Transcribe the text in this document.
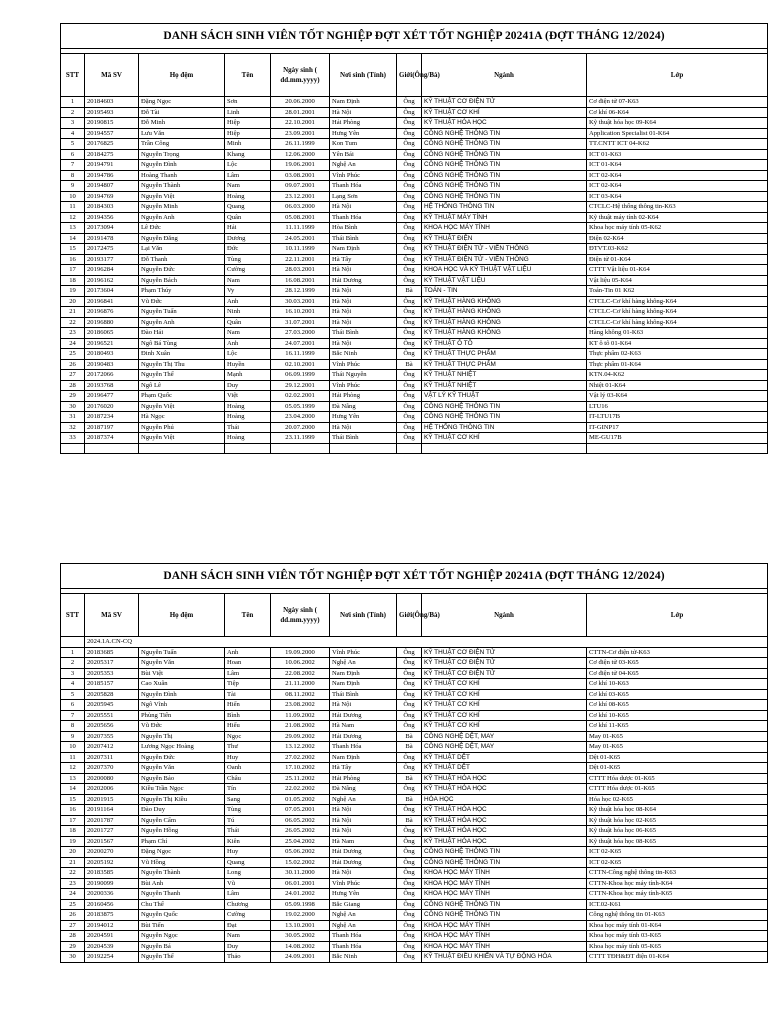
DANH SÁCH SINH VIÊN TỐT NGHIỆP ĐỢT XÉT TỐT NGHIỆP 20241A (ĐỢT THÁNG 12/2024)								

STT	Mã SV	Họ đệm	Tên	Ngày sinh ( dd.mm.yyyy)	Nơi sinh (Tỉnh)	Giới(Ông/Bà)	Ngành	Lớp
1	20184603	Đặng Ngọc	Sơn	20.06.2000	Nam Định	Ông	KỸ THUẬT CƠ ĐIỆN TỬ	Cơ điện tử 07-K63
2	20195493	Đỗ Tài	Linh	28.01.2001	Hà Nội	Ông	KỸ THUẬT CƠ KHÍ	Cơ khí 06-K64
3	20190815	Đỗ Minh	Hiệp	22.10.2001	Hải Phòng	Ông	KỸ THUẬT HÓA HỌC	Kỹ thuật hóa học 09-K64
4	20194557	Lưu Văn	Hiệp	23.09.2001	Hưng Yên	Ông	CÔNG NGHỆ THÔNG TIN	Application Specialist 01-K64
5	20176825	Trần Công	Minh	26.11.1999	Kon Tum	Ông	CÔNG NGHỆ THÔNG TIN	TT.CNTT ICT 04-K62
6	20184275	Nguyễn Trọng	Khang	12.06.2000	Yên Bái	Ông	CÔNG NGHỆ THÔNG TIN	ICT 01-K63
7	20194791	Nguyễn Đình	Lộc	19.06.2001	Nghệ An	Ông	CÔNG NGHỆ THÔNG TIN	ICT 01-K64
8	20194786	Hoàng Thanh	Lâm	03.08.2001	Vĩnh Phúc	Ông	CÔNG NGHỆ THÔNG TIN	ICT 02-K64
9	20194807	Nguyễn Thành	Nam	09.07.2001	Thanh Hóa	Ông	CÔNG NGHỆ THÔNG TIN	ICT 02-K64
10	20194769	Nguyễn Việt	Hoàng	23.12.2001	Lạng Sơn	Ông	CÔNG NGHỆ THÔNG TIN	ICT 03-K64
11	20184303	Nguyễn Minh	Quang	06.03.2000	Hà Nội	Ông	HỆ THỐNG THÔNG TIN	CTCLC-Hệ thống thông tin-K63
12	20194356	Nguyễn Anh	Quân	05.08.2001	Thanh Hóa	Ông	KỸ THUẬT MÁY TÍNH	Kỹ thuật máy tính 02-K64
13	20173094	Lê Đức	Hải	11.11.1999	Hòa Bình	Ông	KHOA HỌC MÁY TÍNH	Khoa học máy tính 05-K62
14	20191478	Nguyễn Đăng	Dương	24.05.2001	Thái Bình	Ông	KỸ THUẬT ĐIỆN	Điện 02-K64
15	20172475	Lại Văn	Đức	10.11.1999	Nam Định	Ông	KỸ THUẬT ĐIỆN TỬ - VIỄN THÔNG	ĐTVT.03-K62
16	20193177	Đỗ Thanh	Tùng	22.11.2001	Hà Tây	Ông	KỸ THUẬT ĐIỆN TỬ - VIỄN THÔNG	Điện tử 01-K64
17	20196284	Nguyễn Đức	Cường	28.03.2001	Hà Nội	Ông	KHOA HỌC VÀ KỸ THUẬT VẬT LIỆU	CTTT Vật liệu 01-K64
18	20196162	Nguyễn Bách	Nam	16.08.2001	Hải Dương	Ông	KỸ THUẬT VẬT LIỆU	Vật liệu 05-K64
19	20173604	Phạm Thúy	Vy	28.12.1999	Hà Nội	Bà	TOÁN - TIN	Toán-Tin 01 K62
20	20196841	Vũ Đức	Anh	30.03.2001	Hà Nội	Ông	KỸ THUẬT HÀNG KHÔNG	CTCLC-Cơ khí hàng không-K64
21	20196876	Nguyễn Tuấn	Ninh	16.10.2001	Hà Nội	Ông	KỸ THUẬT HÀNG KHÔNG	CTCLC-Cơ khí hàng không-K64
22	20196880	Nguyễn Anh	Quân	31.07.2001	Hà Nội	Ông	KỸ THUẬT HÀNG KHÔNG	CTCLC-Cơ khí hàng không-K64
23	20186065	Đào Hải	Nam	27.03.2000	Thái Bình	Ông	KỸ THUẬT HÀNG KHÔNG	Hàng không 01-K63
24	20196521	Ngô Bá Tùng	Anh	24.07.2001	Hà Nội	Ông	KỸ THUẬT Ô TÔ	KT ô tô 01-K64
25	20180493	Đinh Xuân	Lộc	16.11.1999	Bắc Ninh	Ông	KỸ THUẬT THỰC PHẨM	Thực phẩm 02-K63
26	20190483	Nguyễn Thị Thu	Huyền	02.10.2001	Vĩnh Phúc	Bà	KỸ THUẬT THỰC PHẨM	Thực phẩm 01-K64
27	20172066	Nguyễn Thế	Mạnh	06.09.1999	Thái Nguyên	Ông	KỸ THUẬT NHIỆT	KTN.04-K62
28	20193768	Ngô Lê	Duy	29.12.2001	Vĩnh Phúc	Ông	KỸ THUẬT NHIỆT	Nhiệt 01-K64
29	20196477	Phạm Quốc	Việt	02.02.2001	Hải Phòng	Ông	VẬT LÝ KỸ THUẬT	Vật lý 03-K64
30	20176020	Nguyễn Việt	Hoàng	05.05.1999	Đà Nẵng	Ông	CÔNG NGHỆ THÔNG TIN	LTU16
31	20187234	Hà Ngọc	Hoàng	23.04.2000	Hưng Yên	Ông	CÔNG NGHỆ THÔNG TIN	IT-LTU17B
32	20187197	Nguyễn Phú	Thái	20.07.2000	Hà Nội	Ông	HỆ THỐNG THÔNG TIN	IT-GINP17
33	20187374	Nguyễn Việt	Hoàng	23.11.1999	Thái Bình	Ông	KỸ THUẬT CƠ KHÍ	ME-GU17B

DANH SÁCH SINH VIÊN TỐT NGHIỆP ĐỢT XÉT TỐT NGHIỆP 20241A (ĐỢT THÁNG 12/2024)								

STT	Mã SV	Họ đệm	Tên	Ngày sinh ( dd.mm.yyyy)	Nơi sinh (Tỉnh)	Giới(Ông/Bà)	Ngành	Lớp
	2024.1A.CN-CQ							
1	20183685	Nguyễn Tuấn	Anh	19.09.2000	Vĩnh Phúc	Ông	KỸ THUẬT CƠ ĐIỆN TỬ	CTTN-Cơ điện tử-K63
2	20205317	Nguyễn Văn	Hoan	10.06.2002	Nghệ An	Ông	KỸ THUẬT CƠ ĐIỆN TỬ	Cơ điện tử 03-K65
3	20205353	Bùi Việt	Lâm	22.08.2002	Nam Định	Ông	KỸ THUẬT CƠ ĐIỆN TỬ	Cơ điện tử 04-K65
4	20185157	Cao Xuân	Tiệp	21.11.2000	Nam Định	Ông	KỸ THUẬT CƠ KHÍ	Cơ khí 10-K63
5	20205828	Nguyễn Đình	Tài	08.11.2002	Thái Bình	Ông	KỸ THUẬT CƠ KHÍ	Cơ khí 03-K65
6	20205945	Ngô Vĩnh	Hiển	23.08.2002	Hà Nội	Ông	KỸ THUẬT CƠ KHÍ	Cơ khí 08-K65
7	20205551	Phùng Tiến	Bình	11.09.2002	Hải Dương	Ông	KỸ THUẬT CƠ KHÍ	Cơ khí 10-K65
8	20205656	Vũ Đức	Hiếu	21.08.2002	Hà Nam	Ông	KỸ THUẬT CƠ KHÍ	Cơ khí 11-K65
9	20207355	Nguyễn Thị	Ngọc	29.09.2002	Hải Dương	Bà	CÔNG NGHỆ DỆT, MAY	May 01-K65
10	20207412	Lương Ngọc Hoàng	Thư	13.12.2002	Thanh Hóa	Bà	CÔNG NGHỆ DỆT, MAY	May 01-K65
11	20207311	Nguyễn Đức	Huy	27.02.2002	Nam Định	Ông	KỸ THUẬT DỆT	Dệt 01-K65
12	20207370	Nguyễn Văn	Oanh	17.10.2002	Hà Tây	Ông	KỸ THUẬT DỆT	Dệt 01-K65
13	20200080	Nguyễn Bảo	Châu	25.11.2002	Hải Phòng	Bà	KỸ THUẬT HÓA HỌC	CTTT Hóa dược 01-K65
14	20202006	Kiều Trần Ngọc	Tín	22.02.2002	Đà Nẵng	Ông	KỸ THUẬT HÓA HỌC	CTTT Hóa dược 01-K65
15	20201915	Nguyễn Thị Kiều	Sang	01.05.2002	Nghệ An	Bà	HÓA HỌC	Hóa học 02-K65
16	20191164	Đào Duy	Tùng	07.05.2001	Hà Nội	Ông	KỸ THUẬT HÓA HỌC	Kỹ thuật hóa học 08-K64
17	20201787	Nguyễn Cẩm	Tú	06.05.2002	Hà Nội	Bà	KỸ THUẬT HÓA HỌC	Kỹ thuật hóa học 02-K65
18	20201727	Nguyễn Hồng	Thái	26.05.2002	Hà Nội	Ông	KỸ THUẬT HÓA HỌC	Kỹ thuật hóa học 06-K65
19	20201567	Phạm Chí	Kiên	25.04.2002	Hà Nam	Ông	KỸ THUẬT HÓA HỌC	Kỹ thuật hóa học 08-K65
20	20200270	Đặng Ngọc	Huy	05.06.2002	Hải Dương	Ông	CÔNG NGHỆ THÔNG TIN	ICT 02-K65
21	20205192	Vũ Hồng	Quang	15.02.2002	Hải Dương	Ông	CÔNG NGHỆ THÔNG TIN	ICT 02-K65
22	20183585	Nguyễn Thành	Long	30.11.2000	Hà Nội	Ông	KHOA HỌC MÁY TÍNH	CTTN-Công nghệ thông tin-K63
23	20190099	Bùi Anh	Vũ	06.01.2001	Vĩnh Phúc	Ông	KHOA HỌC MÁY TÍNH	CTTN-Khoa học máy tính-K64
24	20200336	Nguyễn Thanh	Lâm	24.01.2002	Hưng Yên	Ông	KHOA HỌC MÁY TÍNH	CTTN-Khoa học máy tính-K65
25	20160456	Chu Thế	Chương	05.09.1998	Bắc Giang	Ông	CÔNG NGHỆ THÔNG TIN	ICT.02-K61
26	20183875	Nguyễn Quốc	Cường	19.02.2000	Nghệ An	Ông	CÔNG NGHỆ THÔNG TIN	Công nghệ thông tin 01-K63
27	20194012	Bùi Tiến	Đạt	13.10.2001	Nghệ An	Ông	KHOA HỌC MÁY TÍNH	Khoa học máy tính 01-K64
28	20204591	Nguyễn Ngọc	Nam	30.05.2002	Thanh Hóa	Ông	KHOA HỌC MÁY TÍNH	Khoa học máy tính 03-K65
29	20204539	Nguyễn Bá	Duy	14.08.2002	Thanh Hóa	Ông	KHOA HỌC MÁY TÍNH	Khoa học máy tính 05-K65
30	20192254	Nguyễn Thế	Thảo	24.09.2001	Bắc Ninh	Ông	KỸ THUẬT ĐIỀU KHIỂN VÀ TỰ ĐỘNG HÓA	CTTT TĐH&ĐT điện 01-K64
